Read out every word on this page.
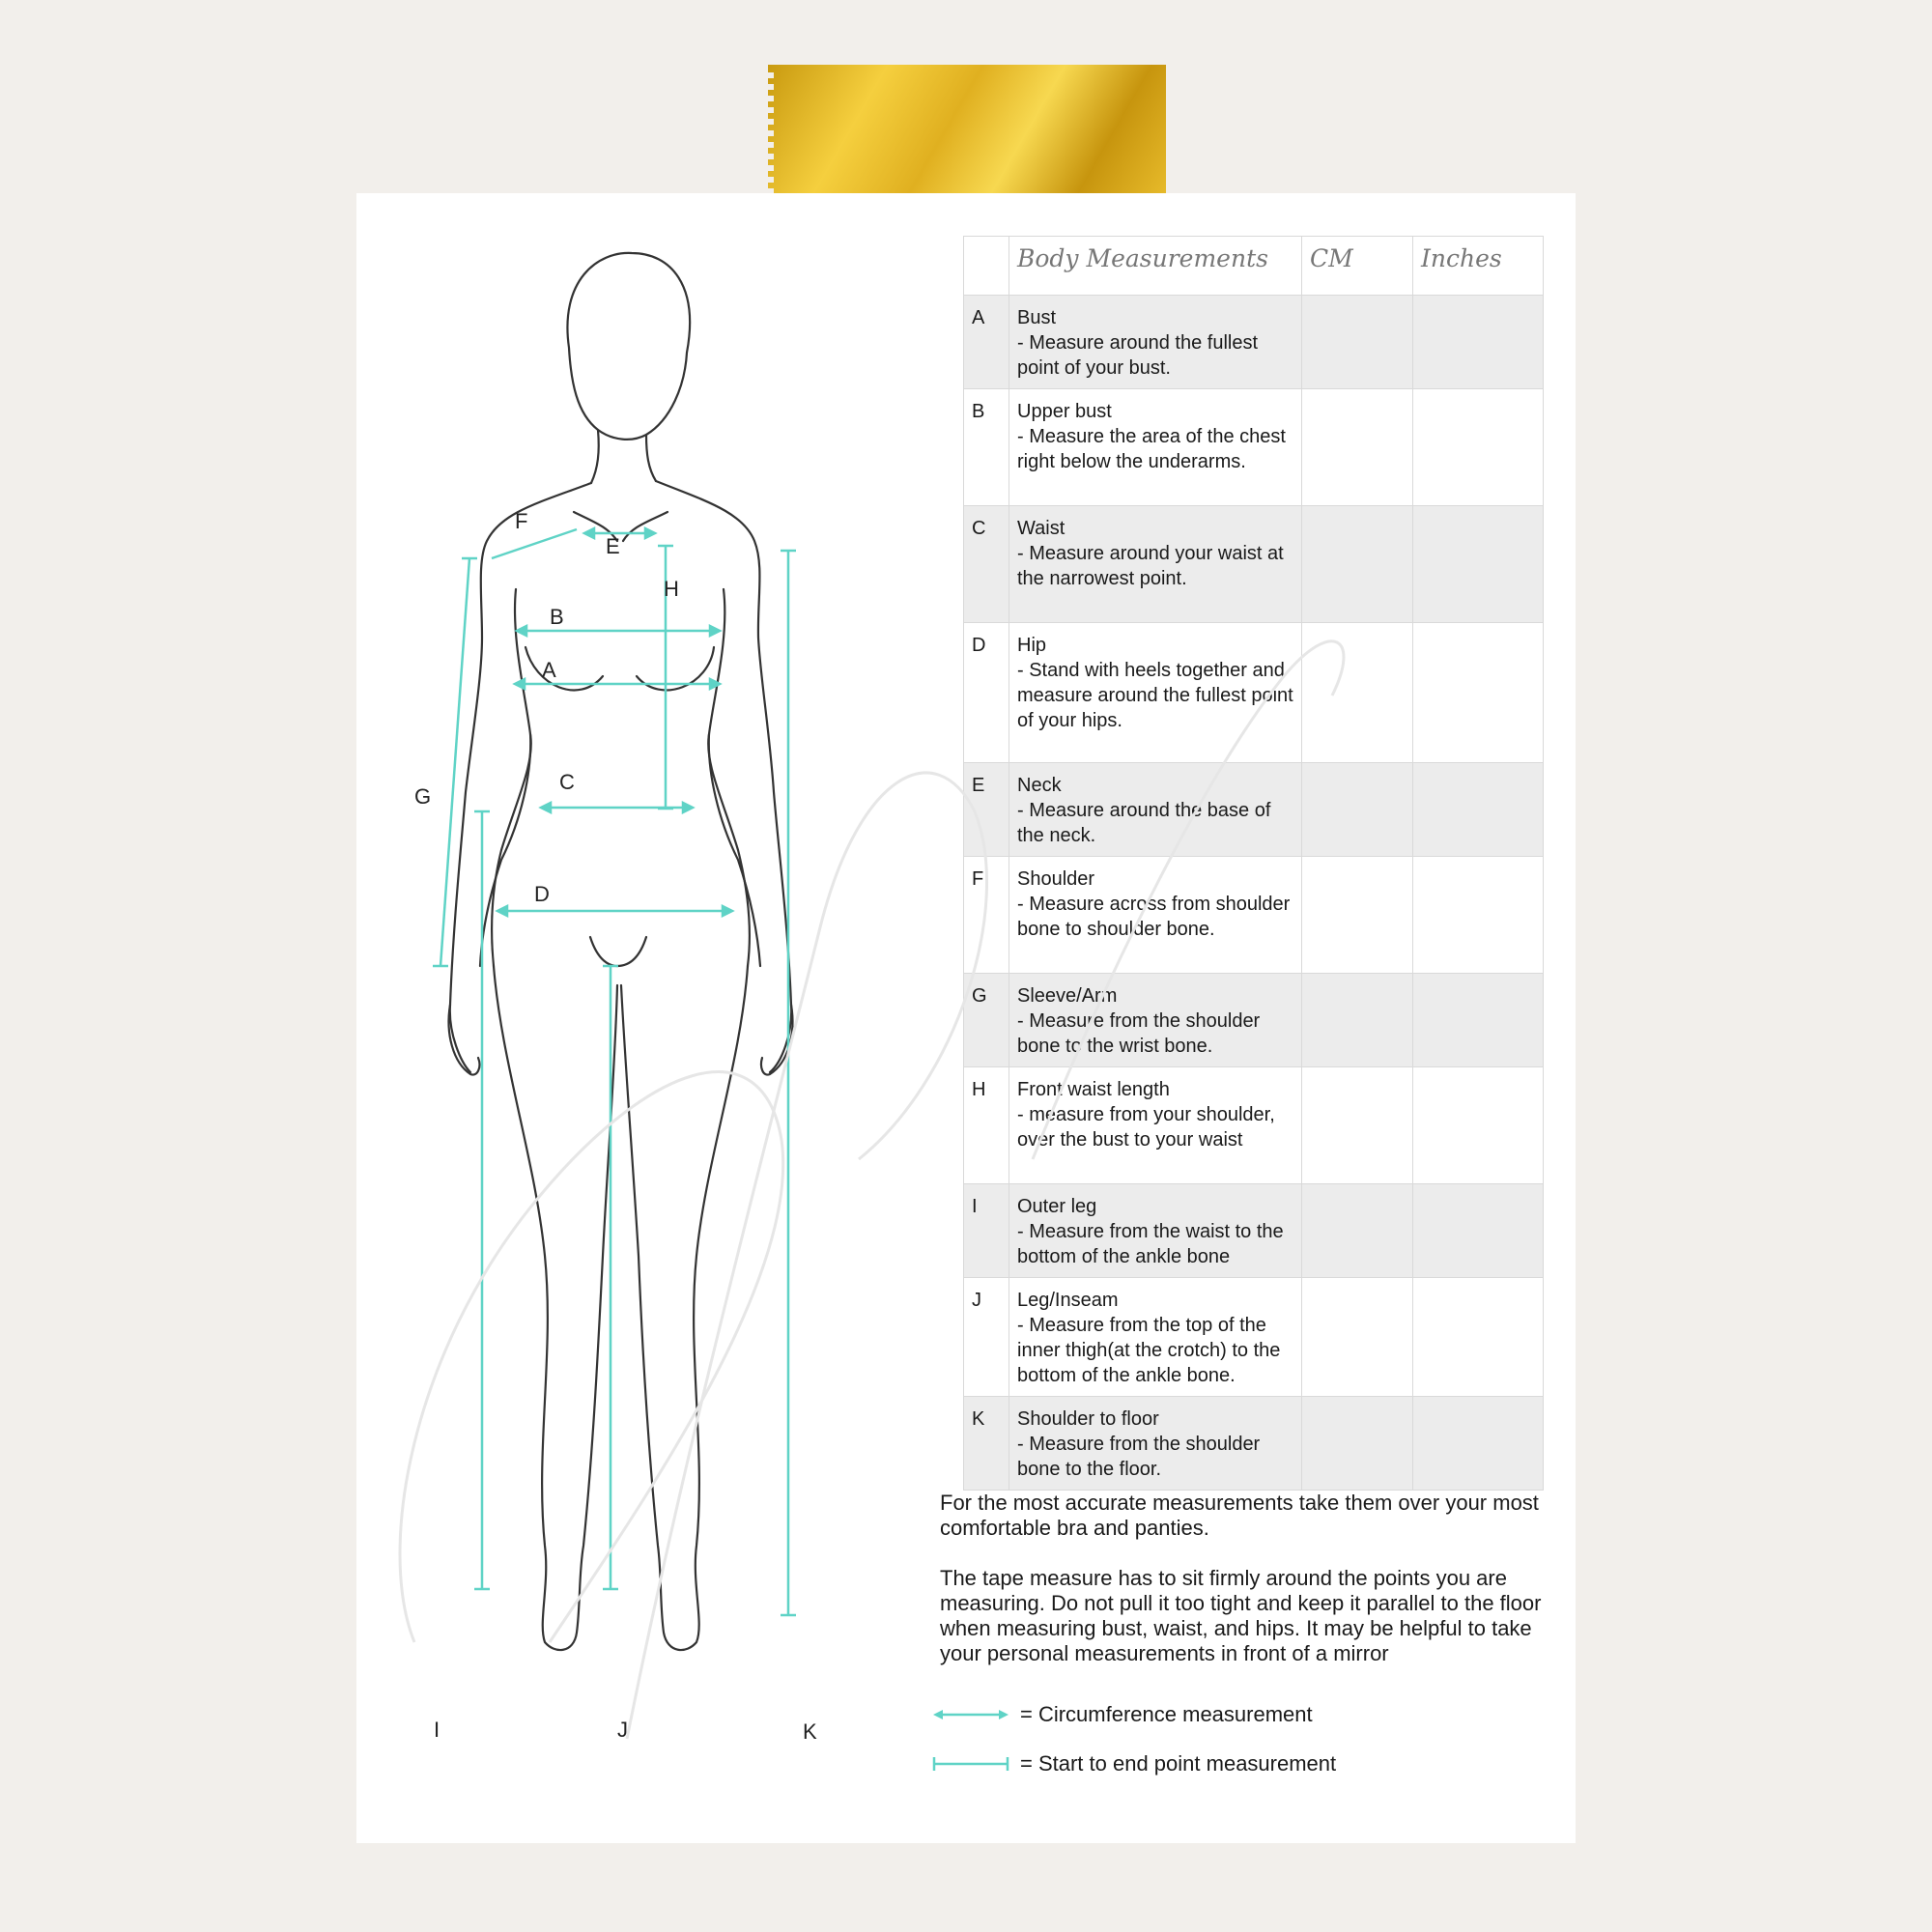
F
E
H
B
A
G
C
D
I	J	K
	Body Measurements	CM	Inches
A	Bust
- Measure around the fullest point of your bust.		

B	Upper bust
- Measure the area of the chest right below the underarms.		

C	Waist
- Measure around your waist at the narrowest point.		

D	Hip
- Stand with heels together and measure around the fullest point of your hips.		

E	Neck
- Measure around the base of the neck.		

F	Shoulder
- Measure across from shoulder bone to shoulder bone.		

G	Sleeve/Arm
- Measure from the shoulder bone to the wrist bone.		

H	Front waist length
- measure from your shoulder, over the bust to your waist		

I	Outer leg
- Measure from the waist to the bottom of the ankle bone		

J	Leg/Inseam
- Measure from the top of the inner thigh(at the crotch) to the bottom of the ankle bone.		

K	Shoulder to floor
- Measure from the shoulder bone to the floor.		

For the most accurate measurements take them over your most comfortable bra and panties.

The tape measure has to sit firmly around the points you are measuring. Do not pull it too tight and keep it parallel to the floor when measuring bust, waist, and hips. It may be helpful to take your personal measurements in front of a mirror

= Circumference measurement
= Start to end point measurement
